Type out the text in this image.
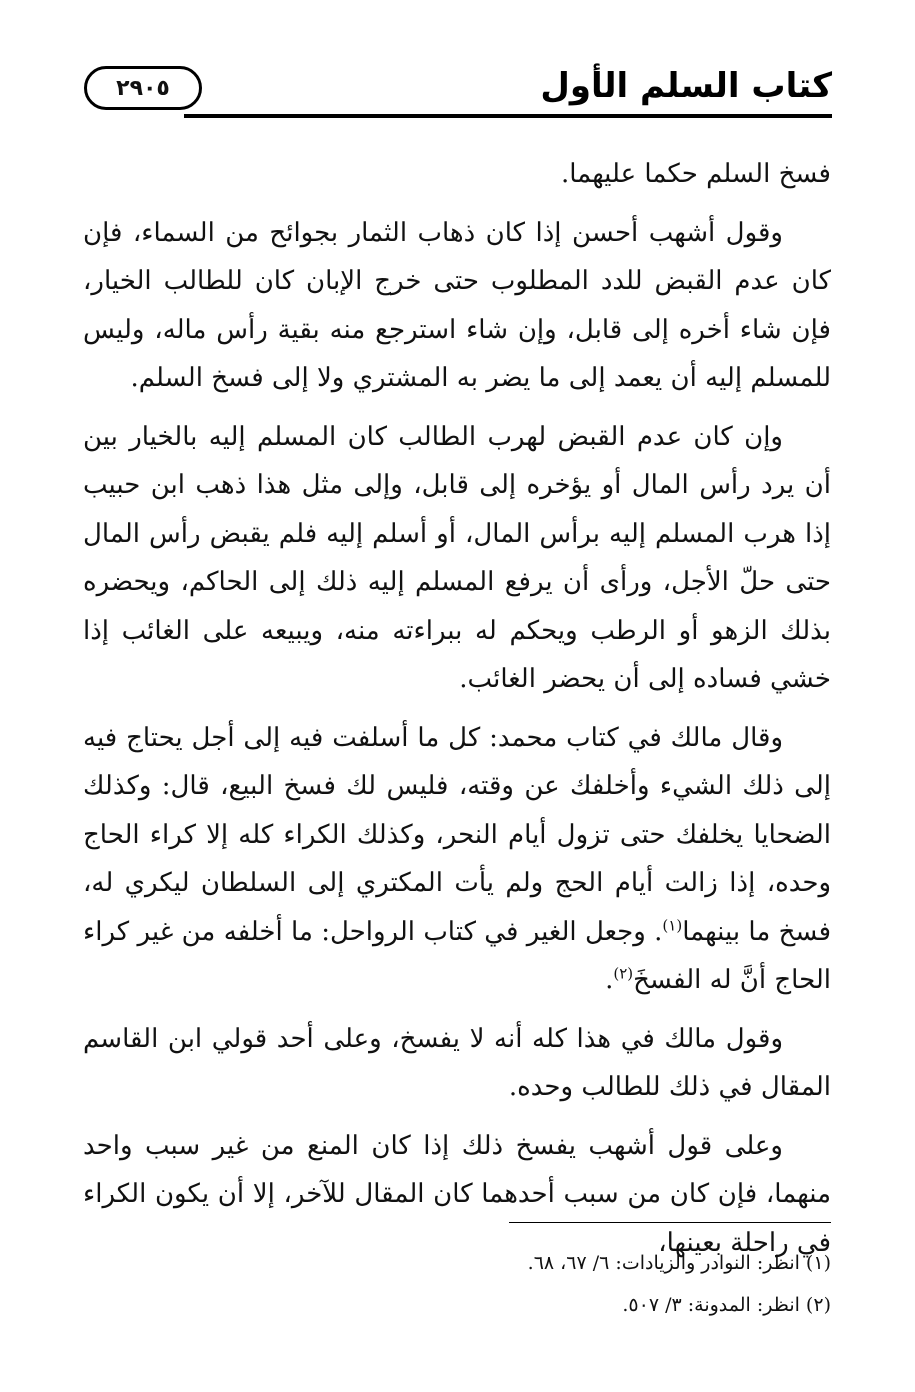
كتاب السلم الأول
٢٩٠٥

فسخ السلم حكما عليهما.

وقول أشهب أحسن إذا كان ذهاب الثمار بجوائح من السماء، فإن كان عدم القبض للدد المطلوب حتى خرج الإبان كان للطالب الخيار، فإن شاء أخره إلى قابل، وإن شاء استرجع منه بقية رأس ماله، وليس للمسلم إليه أن يعمد إلى ما يضر به المشتري ولا إلى فسخ السلم.

وإن كان عدم القبض لهرب الطالب كان المسلم إليه بالخيار بين أن يرد رأس المال أو يؤخره إلى قابل، وإلى مثل هذا ذهب ابن حبيب إذا هرب المسلم إليه برأس المال، أو أسلم إليه فلم يقبض رأس المال حتى حلّ الأجل، ورأى أن يرفع المسلم إليه ذلك إلى الحاكم، ويحضره بذلك الزهو أو الرطب ويحكم له ببراءته منه، ويبيعه على الغائب إذا خشي فساده إلى أن يحضر الغائب.

وقال مالك في كتاب محمد: كل ما أسلفت فيه إلى أجل يحتاج فيه إلى ذلك الشيء وأخلفك عن وقته، فليس لك فسخ البيع، قال: وكذلك الضحايا يخلفك حتى تزول أيام النحر، وكذلك الكراء كله إلا كراء الحاج وحده، إذا زالت أيام الحج ولم يأت المكتري إلى السلطان ليكري له، فسخ ما بينهما$^{(١)}$. وجعل الغير في كتاب الرواحل: ما أخلفه من غير كراء الحاج أنَّ له الفسخَ$^{(٢)}$.

وقول مالك في هذا كله أنه لا يفسخ، وعلى أحد قولي ابن القاسم المقال في ذلك للطالب وحده.

وعلى قول أشهب يفسخ ذلك إذا كان المنع من غير سبب واحد منهما، فإن كان من سبب أحدهما كان المقال للآخر، إلا أن يكون الكراء في راحلة بعينها،

(١) انظر: النوادر والزيادات: ٦/ ٦٧، ٦٨.
(٢) انظر: المدونة: ٣/ ٥٠٧.
